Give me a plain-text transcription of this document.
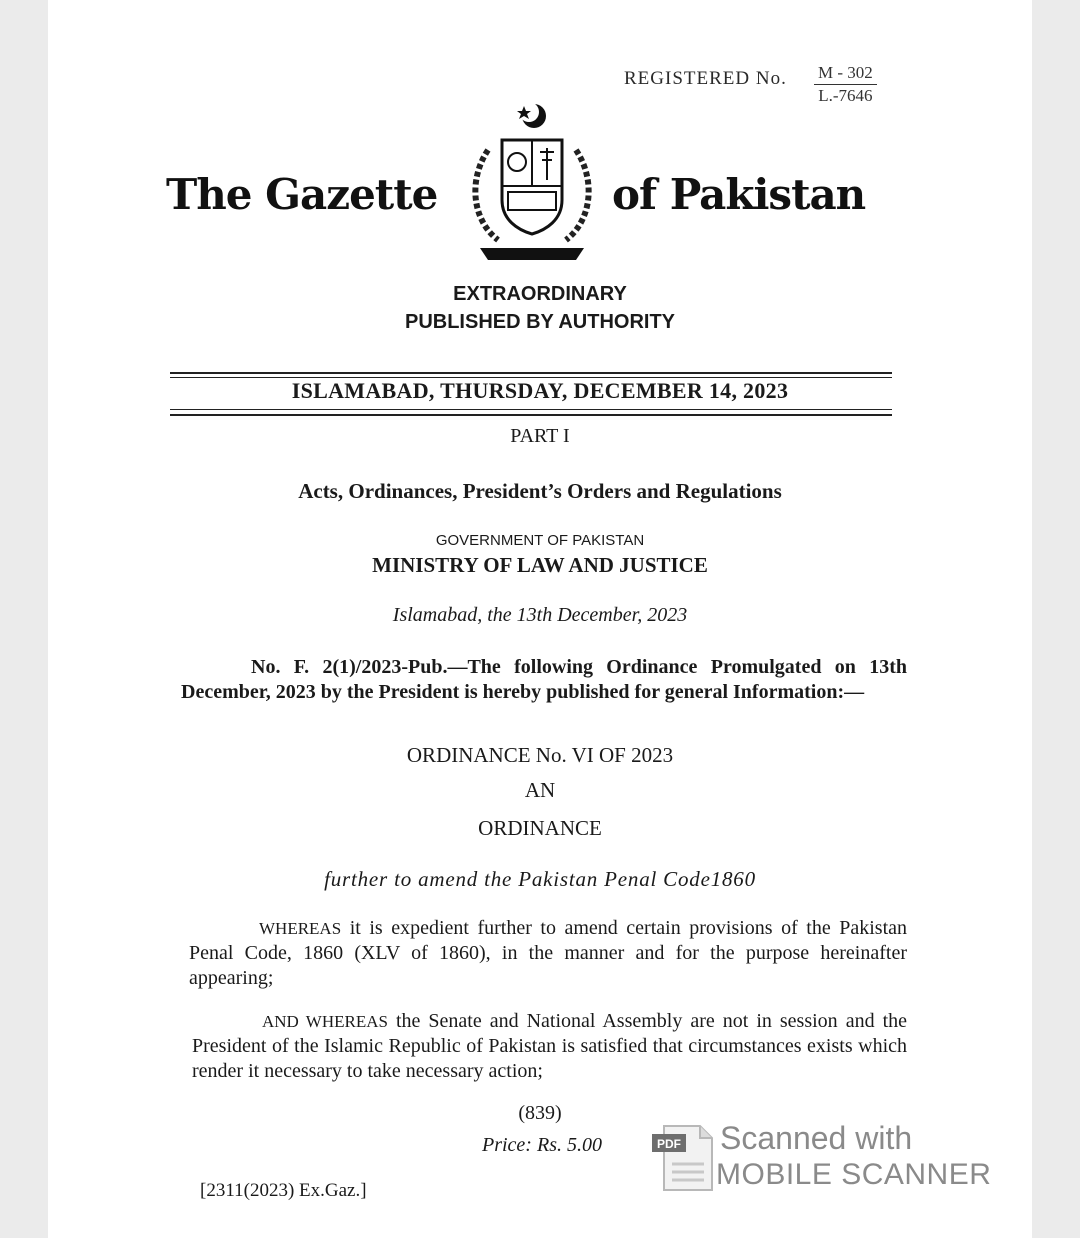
REGISTERED No. M - 302
L.-7646
The Gazette	of Pakistan
EXTRAORDINARY
PUBLISHED BY AUTHORITY
ISLAMABAD, THURSDAY, DECEMBER 14, 2023
PART I
Acts, Ordinances, President’s Orders and Regulations
GOVERNMENT OF PAKISTAN
MINISTRY OF LAW AND JUSTICE
Islamabad, the 13th December, 2023
No. F. 2(1)/2023-Pub.—The following Ordinance Promulgated on 13th December, 2023 by the President is hereby published for general Information:—
ORDINANCE No. VI OF 2023
AN
ORDINANCE
further to amend the Pakistan Penal Code1860
WHEREAS it is expedient further to amend certain provisions of the Pakistan Penal Code, 1860 (XLV of 1860), in the manner and for the purpose hereinafter appearing;
AND WHEREAS the Senate and National Assembly are not in session and the President of the Islamic Republic of Pakistan is satisfied that circumstances exists which render it necessary to take necessary action;
(839)
Price: Rs. 5.00
[2311(2023) Ex.Gaz.]
PDF Scanned with
MOBILE SCANNER
